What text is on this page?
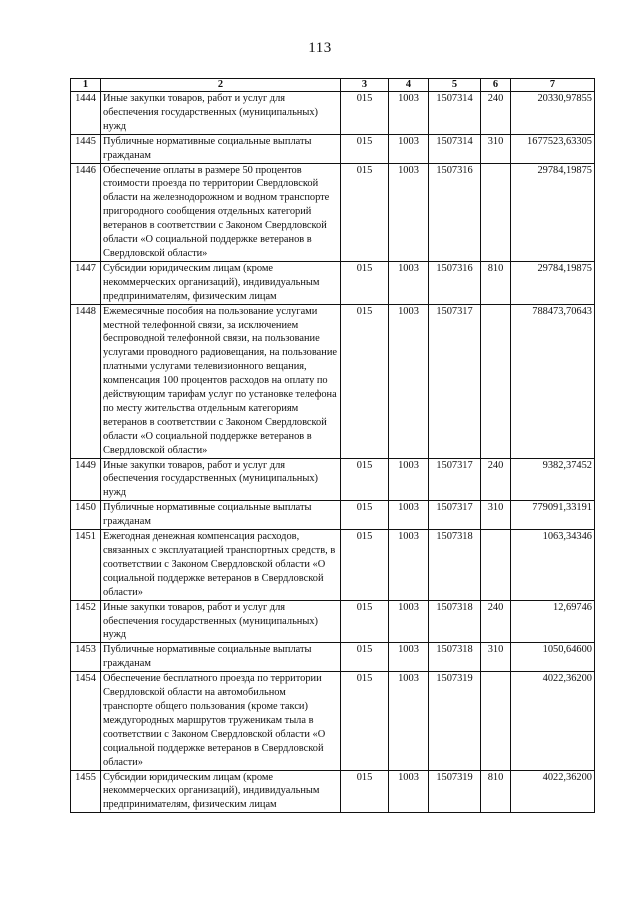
113
1	2	3	4	5	6	7
1444	Иные закупки товаров, работ и услуг для обеспечения государственных (муниципальных) нужд	015	1003	1507314	240	20330,97855
1445	Публичные нормативные социальные выплаты гражданам	015	1003	1507314	310	1677523,63305
1446	Обеспечение оплаты в размере 50 процентов стоимости проезда по территории Свердловской области на железнодорожном и водном транспорте пригородного сообщения отдельных категорий ветеранов в соответствии с Законом Свердловской области «О социальной поддержке ветеранов в Свердловской области»	015	1003	1507316		29784,19875
1447	Субсидии юридическим лицам (кроме некоммерческих организаций), индивидуальным предпринимателям, физическим лицам	015	1003	1507316	810	29784,19875
1448	Ежемесячные пособия на пользование услугами местной телефонной связи, за исключением беспроводной телефонной связи, на пользование услугами проводного радиовещания, на пользование платными услугами телевизионного вещания, компенсация 100 процентов расходов на оплату по действующим тарифам услуг по установке телефона по месту жительства отдельным категориям ветеранов в соответствии с Законом Свердловской области «О социальной поддержке ветеранов в Свердловской области»	015	1003	1507317		788473,70643
1449	Иные закупки товаров, работ и услуг для обеспечения государственных (муниципальных) нужд	015	1003	1507317	240	9382,37452
1450	Публичные нормативные социальные выплаты гражданам	015	1003	1507317	310	779091,33191
1451	Ежегодная денежная компенсация расходов, связанных с эксплуатацией транспортных средств, в соответствии с Законом Свердловской области «О социальной поддержке ветеранов в Свердловской области»	015	1003	1507318		1063,34346
1452	Иные закупки товаров, работ и услуг для обеспечения государственных (муниципальных) нужд	015	1003	1507318	240	12,69746
1453	Публичные нормативные социальные выплаты гражданам	015	1003	1507318	310	1050,64600
1454	Обеспечение бесплатного проезда по территории Свердловской области на автомобильном транспорте общего пользования (кроме такси) междугородных маршрутов труженикам тыла в соответствии с Законом Свердловской области «О социальной поддержке ветеранов в Свердловской области»	015	1003	1507319		4022,36200
1455	Субсидии юридическим лицам (кроме некоммерческих организаций), индивидуальным предпринимателям, физическим лицам	015	1003	1507319	810	4022,36200
